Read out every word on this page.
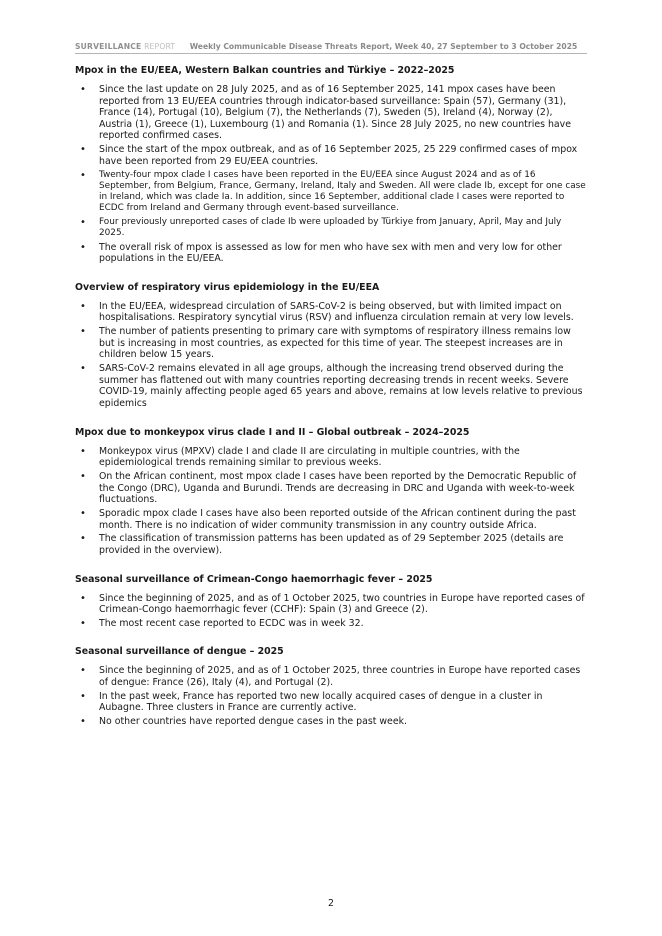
SURVEILLANCE REPORT Weekly Communicable Disease Threats Report, Week 40, 27 September to 3 October 2025
Mpox in the EU/EEA, Western Balkan countries and Türkiye – 2022–2025
• Since the last update on 28 July 2025, and as of 16 September 2025, 141 mpox cases have been reported from 13 EU/EEA countries through indicator-based surveillance: Spain (57), Germany (31), France (14), Portugal (10), Belgium (7), the Netherlands (7), Sweden (5), Ireland (4), Norway (2), Austria (1), Greece (1), Luxembourg (1) and Romania (1). Since 28 July 2025, no new countries have reported confirmed cases.
• Since the start of the mpox outbreak, and as of 16 September 2025, 25 229 confirmed cases of mpox have been reported from 29 EU/EEA countries.
• Twenty-four mpox clade I cases have been reported in the EU/EEA since August 2024 and as of 16 September, from Belgium, France, Germany, Ireland, Italy and Sweden. All were clade Ib, except for one case in Ireland, which was clade Ia. In addition, since 16 September, additional clade I cases were reported to ECDC from Ireland and Germany through event-based surveillance.
• Four previously unreported cases of clade Ib were uploaded by Türkiye from January, April, May and July 2025.
• The overall risk of mpox is assessed as low for men who have sex with men and very low for other populations in the EU/EEA.
Overview of respiratory virus epidemiology in the EU/EEA
• In the EU/EEA, widespread circulation of SARS-CoV-2 is being observed, but with limited impact on hospitalisations. Respiratory syncytial virus (RSV) and influenza circulation remain at very low levels.
• The number of patients presenting to primary care with symptoms of respiratory illness remains low but is increasing in most countries, as expected for this time of year. The steepest increases are in children below 15 years.
• SARS-CoV-2 remains elevated in all age groups, although the increasing trend observed during the summer has flattened out with many countries reporting decreasing trends in recent weeks. Severe COVID-19, mainly affecting people aged 65 years and above, remains at low levels relative to previous epidemics
Mpox due to monkeypox virus clade I and II – Global outbreak – 2024–2025
• Monkeypox virus (MPXV) clade I and clade II are circulating in multiple countries, with the epidemiological trends remaining similar to previous weeks.
• On the African continent, most mpox clade I cases have been reported by the Democratic Republic of the Congo (DRC), Uganda and Burundi. Trends are decreasing in DRC and Uganda with week-to-week fluctuations.
• Sporadic mpox clade I cases have also been reported outside of the African continent during the past month. There is no indication of wider community transmission in any country outside Africa.
• The classification of transmission patterns has been updated as of 29 September 2025 (details are provided in the overview).
Seasonal surveillance of Crimean-Congo haemorrhagic fever – 2025
• Since the beginning of 2025, and as of 1 October 2025, two countries in Europe have reported cases of Crimean-Congo haemorrhagic fever (CCHF): Spain (3) and Greece (2).
• The most recent case reported to ECDC was in week 32.
Seasonal surveillance of dengue – 2025
• Since the beginning of 2025, and as of 1 October 2025, three countries in Europe have reported cases of dengue: France (26), Italy (4), and Portugal (2).
• In the past week, France has reported two new locally acquired cases of dengue in a cluster in Aubagne. Three clusters in France are currently active.
• No other countries have reported dengue cases in the past week.
2
